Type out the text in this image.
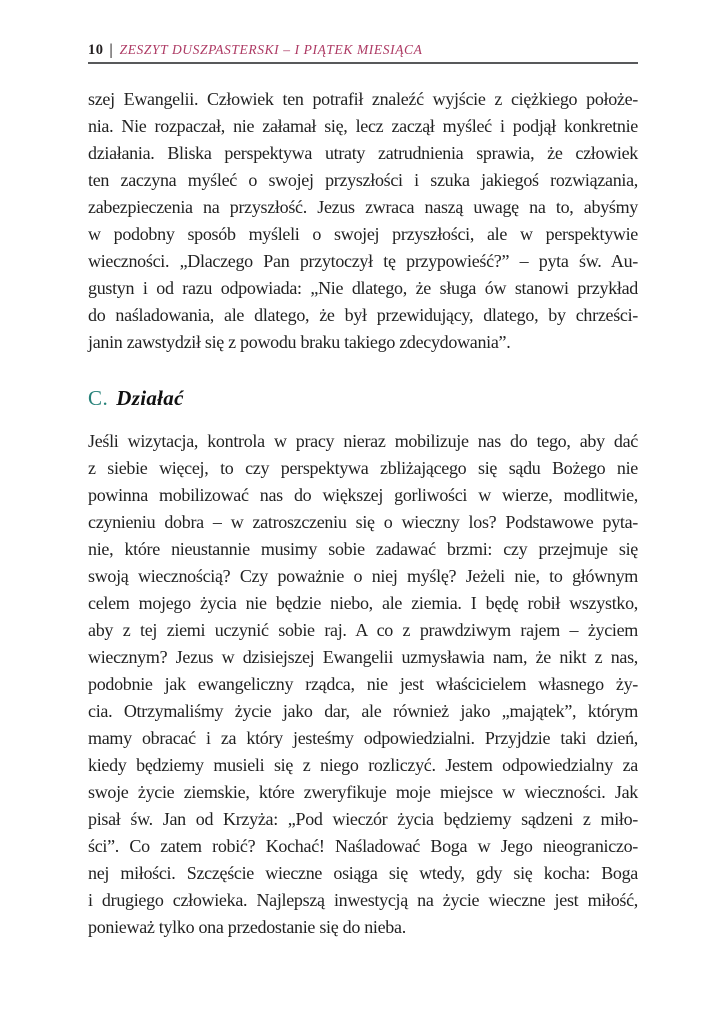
10 | ZESZYT DUSZPASTERSKI – I PIĄTEK MIESIĄCA
szej Ewangelii. Człowiek ten potrafił znaleźć wyjście z ciężkiego położe-
nia. Nie rozpaczał, nie załamał się, lecz zaczął myśleć i podjął konkretnie
działania. Bliska perspektywa utraty zatrudnienia sprawia, że człowiek
ten zaczyna myśleć o swojej przyszłości i szuka jakiegoś rozwiązania,
zabezpieczenia na przyszłość. Jezus zwraca naszą uwagę na to, abyśmy
w podobny sposób myśleli o swojej przyszłości, ale w perspektywie
wieczności. „Dlaczego Pan przytoczył tę przypowieść?” – pyta św. Au-
gustyn i od razu odpowiada: „Nie dlatego, że sługa ów stanowi przykład
do naśladowania, ale dlatego, że był przewidujący, dlatego, by chrześci-
janin zawstydził się z powodu braku takiego zdecydowania”.
C. Działać
Jeśli wizytacja, kontrola w pracy nieraz mobilizuje nas do tego, aby dać
z siebie więcej, to czy perspektywa zbliżającego się sądu Bożego nie
powinna mobilizować nas do większej gorliwości w wierze, modlitwie,
czynieniu dobra – w zatroszczeniu się o wieczny los? Podstawowe pyta-
nie, które nieustannie musimy sobie zadawać brzmi: czy przejmuje się
swoją wiecznością? Czy poważnie o niej myślę? Jeżeli nie, to głównym
celem mojego życia nie będzie niebo, ale ziemia. I będę robił wszystko,
aby z tej ziemi uczynić sobie raj. A co z prawdziwym rajem – życiem
wiecznym? Jezus w dzisiejszej Ewangelii uzmysławia nam, że nikt z nas,
podobnie jak ewangeliczny rządca, nie jest właścicielem własnego ży-
cia. Otrzymaliśmy życie jako dar, ale również jako „majątek”, którym
mamy obracać i za który jesteśmy odpowiedzialni. Przyjdzie taki dzień,
kiedy będziemy musieli się z niego rozliczyć. Jestem odpowiedzialny za
swoje życie ziemskie, które zweryfikuje moje miejsce w wieczności. Jak
pisał św. Jan od Krzyża: „Pod wieczór życia będziemy sądzeni z miło-
ści”. Co zatem robić? Kochać! Naśladować Boga w Jego nieograniczo-
nej miłości. Szczęście wieczne osiąga się wtedy, gdy się kocha: Boga
i drugiego człowieka. Najlepszą inwestycją na życie wieczne jest miłość,
ponieważ tylko ona przedostanie się do nieba.
